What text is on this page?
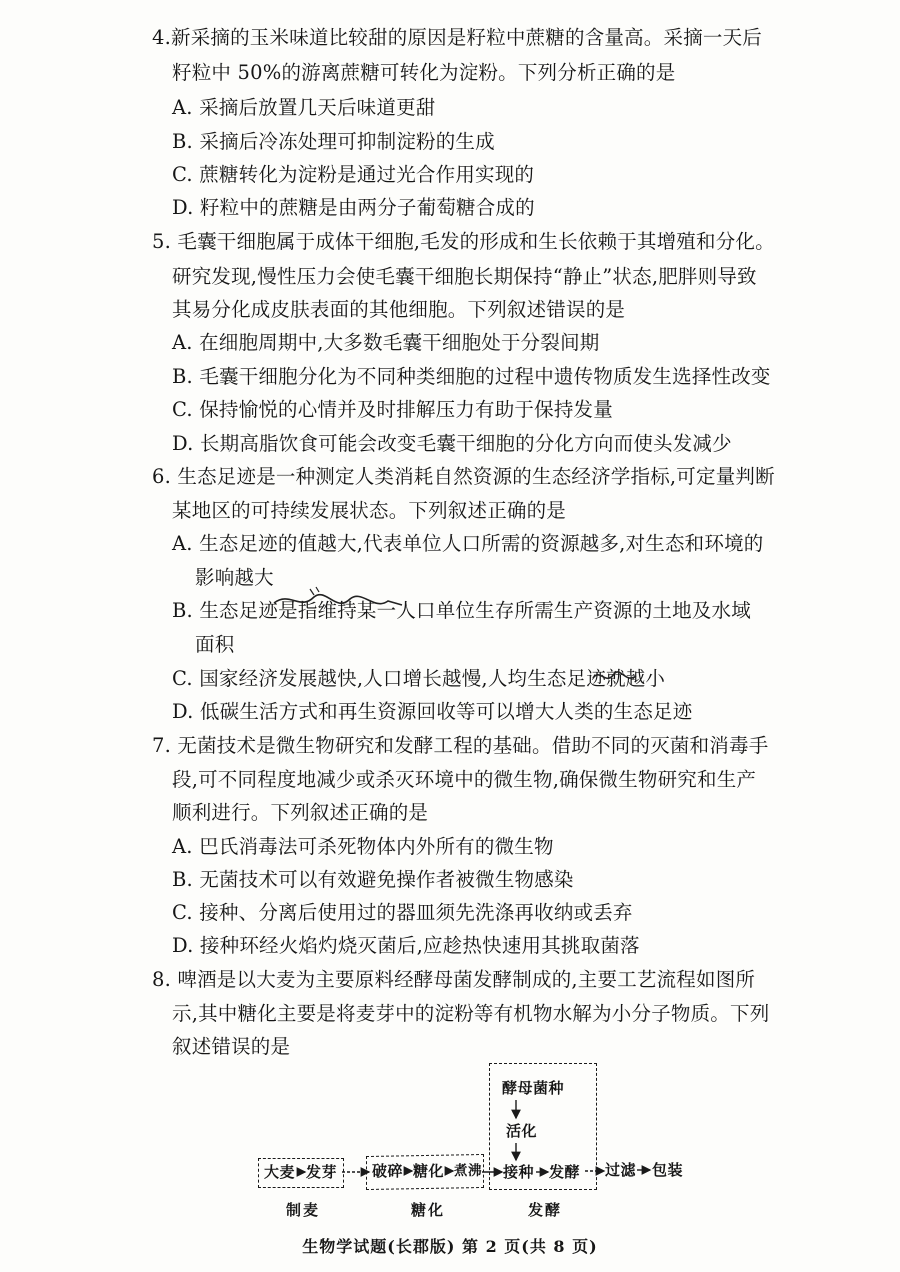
4.新采摘的玉米味道比较甜的原因是籽粒中蔗糖的含量高。采摘一天后
籽粒中 50%的游离蔗糖可转化为淀粉。下列分析正确的是
A. 采摘后放置几天后味道更甜
B. 采摘后冷冻处理可抑制淀粉的生成
C. 蔗糖转化为淀粉是通过光合作用实现的
D. 籽粒中的蔗糖是由两分子葡萄糖合成的
5. 毛囊干细胞属于成体干细胞,毛发的形成和生长依赖于其增殖和分化。
研究发现,慢性压力会使毛囊干细胞长期保持“静止”状态,肥胖则导致
其易分化成皮肤表面的其他细胞。下列叙述错误的是
A. 在细胞周期中,大多数毛囊干细胞处于分裂间期
B. 毛囊干细胞分化为不同种类细胞的过程中遗传物质发生选择性改变
C. 保持愉悦的心情并及时排解压力有助于保持发量
D. 长期高脂饮食可能会改变毛囊干细胞的分化方向而使头发减少
6. 生态足迹是一种测定人类消耗自然资源的生态经济学指标,可定量判断
某地区的可持续发展状态。下列叙述正确的是
A. 生态足迹的值越大,代表单位人口所需的资源越多,对生态和环境的
影响越大
B. 生态足迹是指维持某一人口单位生存所需生产资源的土地及水域
面积
C. 国家经济发展越快,人口增长越慢,人均生态足迹就越小
D. 低碳生活方式和再生资源回收等可以增大人类的生态足迹
7. 无菌技术是微生物研究和发酵工程的基础。借助不同的灭菌和消毒手
段,可不同程度地减少或杀灭环境中的微生物,确保微生物研究和生产
顺利进行。下列叙述正确的是
A. 巴氏消毒法可杀死物体内外所有的微生物
B. 无菌技术可以有效避免操作者被微生物感染
C. 接种、分离后使用过的器皿须先洗涤再收纳或丢弃
D. 接种环经火焰灼烧灭菌后,应趁热快速用其挑取菌落
8. 啤酒是以大麦为主要原料经酵母菌发酵制成的,主要工艺流程如图所
示,其中糖化主要是将麦芽中的淀粉等有机物水解为小分子物质。下列
叙述错误的是
酵母菌种
活化
大麦 发芽 破碎 糖化 煮沸 接种 发酵 过滤 包装
制麦	糖化	发酵
生物学试题(长郡版) 第 2 页(共 8 页)
